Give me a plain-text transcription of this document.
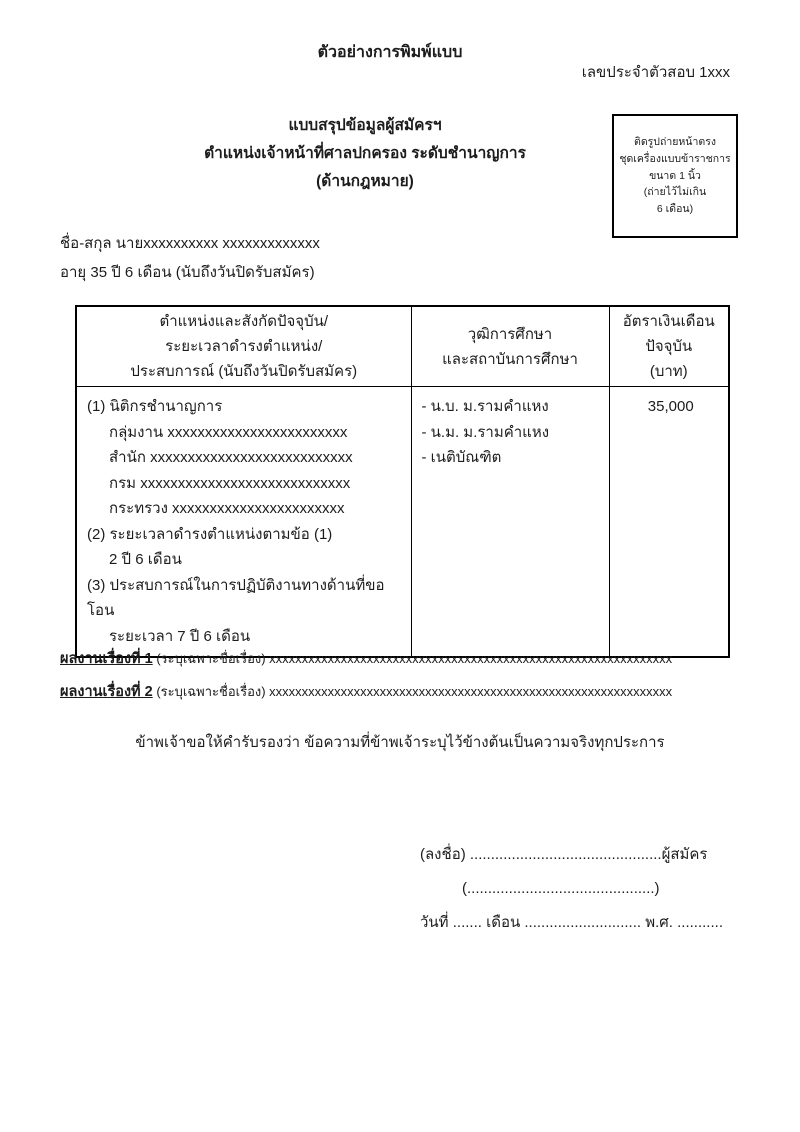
ตัวอย่างการพิมพ์แบบ
เลขประจำตัวสอบ 1xxx
แบบสรุปข้อมูลผู้สมัครฯ
ตำแหน่งเจ้าหน้าที่ศาลปกครอง ระดับชำนาญการ
(ด้านกฎหมาย)
ติดรูปถ่ายหน้าตรง
ชุดเครื่องแบบข้าราชการ
ขนาด 1 นิ้ว
(ถ่ายไว้ไม่เกิน
6 เดือน)
ชื่อ-สกุล นายxxxxxxxxxx xxxxxxxxxxxxx
อายุ 35 ปี 6 เดือน (นับถึงวันปิดรับสมัคร)
ตำแหน่งและสังกัดปัจจุบัน/
ระยะเวลาดำรงตำแหน่ง/
ประสบการณ์ (นับถึงวันปิดรับสมัคร)

วุฒิการศึกษา
และสถาบันการศึกษา

อัตราเงินเดือน
ปัจจุบัน
(บาท)

(1) นิติกรชำนาญการ
กลุ่มงาน xxxxxxxxxxxxxxxxxxxxxxxx
สำนัก xxxxxxxxxxxxxxxxxxxxxxxxxxx
กรม xxxxxxxxxxxxxxxxxxxxxxxxxxxx
กระทรวง xxxxxxxxxxxxxxxxxxxxxxx
(2) ระยะเวลาดำรงตำแหน่งตามข้อ (1)
2 ปี 6 เดือน
(3) ประสบการณ์ในการปฏิบัติงานทางด้านที่ขอโอน
ระยะเวลา 7 ปี 6 เดือน

- น.บ. ม.รามคำแหง
- น.ม. ม.รามคำแหง
- เนติบัณฑิต

35,000
ผลงานเรื่องที่ 1 (ระบุเฉพาะชื่อเรื่อง) xxxxxxxxxxxxxxxxxxxxxxxxxxxxxxxxxxxxxxxxxxxxxxxxxxxxxxxxxxxxxx
ผลงานเรื่องที่ 2 (ระบุเฉพาะชื่อเรื่อง) xxxxxxxxxxxxxxxxxxxxxxxxxxxxxxxxxxxxxxxxxxxxxxxxxxxxxxxxxxxxxx
ข้าพเจ้าขอให้คำรับรองว่า ข้อความที่ข้าพเจ้าระบุไว้ข้างต้นเป็นความจริงทุกประการ
(ลงชื่อ) ..............................................ผู้สมัคร
(.............................................)
วันที่ ....... เดือน ............................ พ.ศ. ...........
